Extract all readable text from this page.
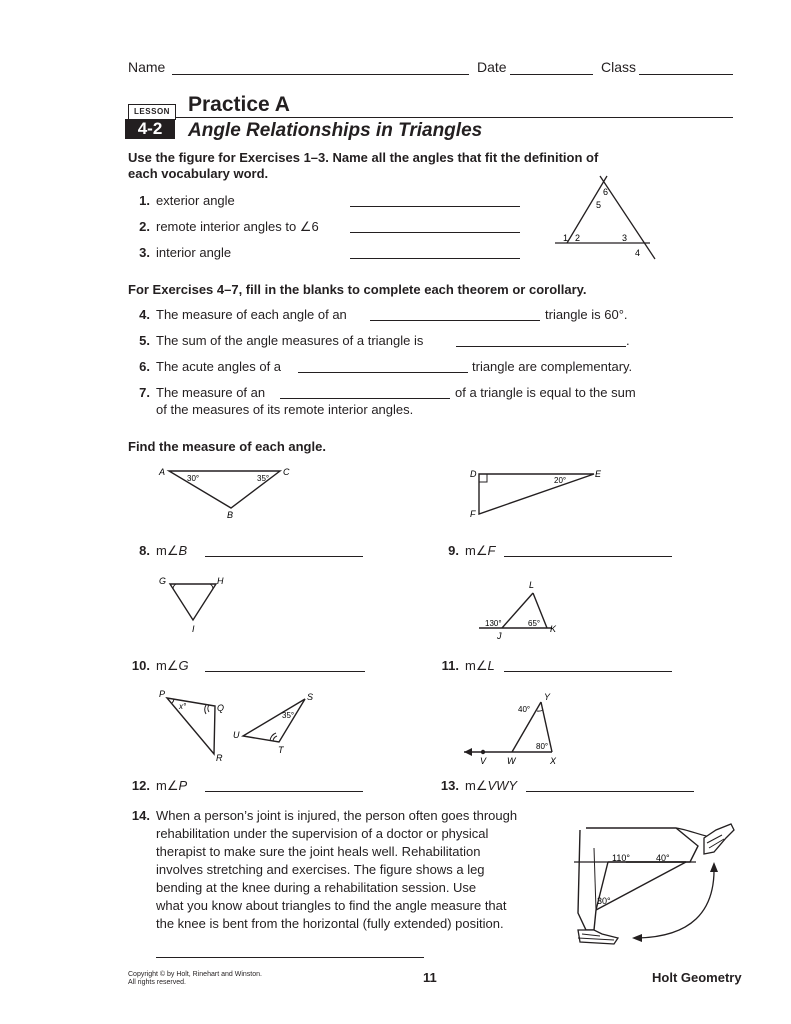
Name	Date	Class
LESSON
4-2
Practice A
Angle Relationships in Triangles
Use the figure for Exercises 1–3. Name all the angles that fit the definition of
each vocabulary word.
1. exterior angle
2. remote interior angles to ∠6
3. interior angle
1 2	3
4
5
6
For Exercises 4–7, fill in the blanks to complete each theorem or corollary.
4. The measure of each angle of an	triangle is 60°.
5. The sum of the angle measures of a triangle is	.
6. The acute angles of a	triangle are complementary.
7. The measure of an	of a triangle is equal to the sum
of the measures of its remote interior angles.
Find the measure of each angle.
A	C
B
30°	35°	D	E
F
20°
8. m∠B	9. m∠F
G	H
I
L
J
K
130°	65°
10. m∠G	11. m∠L
P
Q
R
S
T
U
x°
35°
Y
V W	X
40°
80°
12. m∠P	13. m∠VWY
14. When a person’s joint is injured, the person often goes through
rehabilitation under the supervision of a doctor or physical
therapist to make sure the joint heals well. Rehabilitation
involves stretching and exercises. The figure shows a leg
bending at the knee during a rehabilitation session. Use
what you know about triangles to find the angle measure that
the knee is bent from the horizontal (fully extended) position.
110°	40°
30°
Copyright © by Holt, Rinehart and Winston.
All rights reserved.	11	Holt Geometry
